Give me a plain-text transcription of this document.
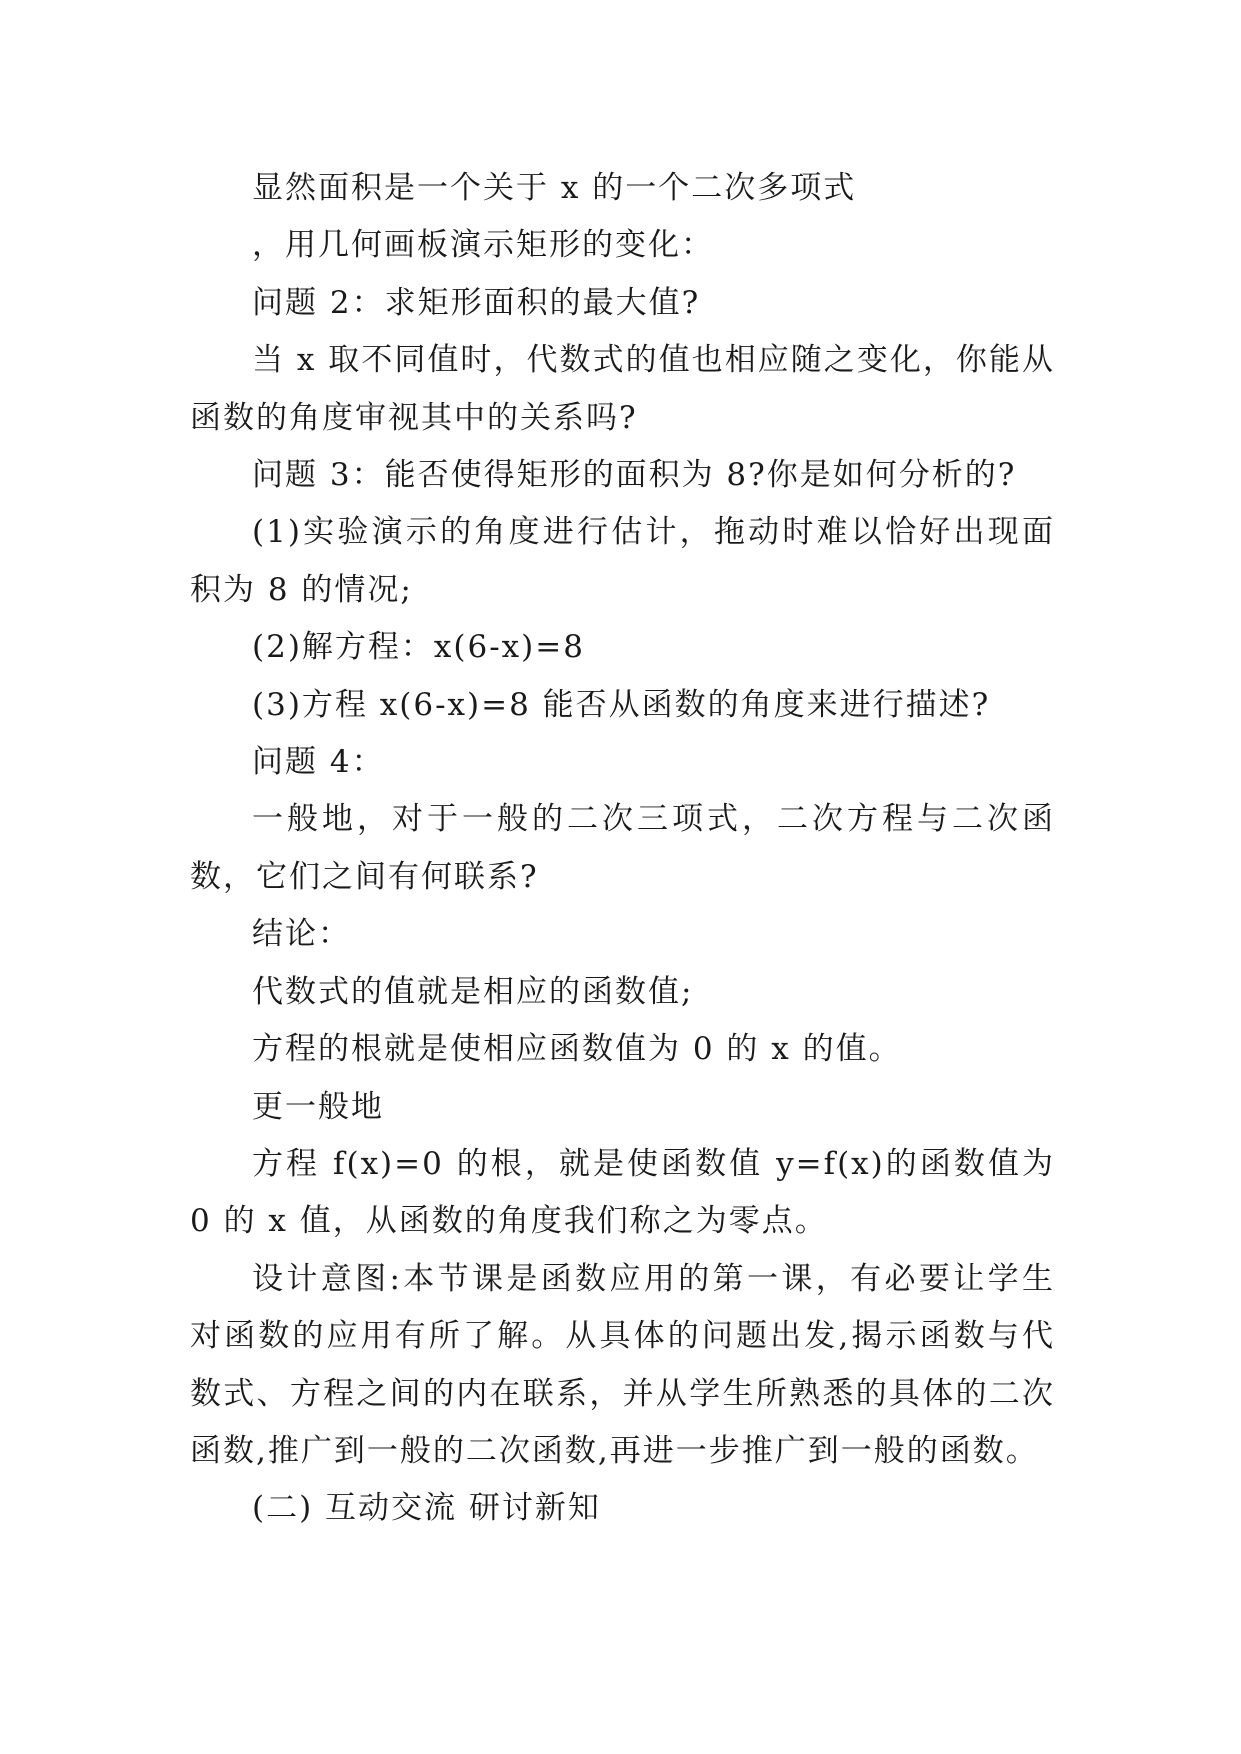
显然面积是一个关于 x 的一个二次多项式

，用几何画板演示矩形的变化：

问题 2：求矩形面积的最大值?

当 x 取不同值时，代数式的值也相应随之变化，你能从函数的角度审视其中的关系吗?

问题 3：能否使得矩形的面积为 8?你是如何分析的?

(1)实验演示的角度进行估计，拖动时难以恰好出现面积为 8 的情况;

(2)解方程：x(6-x)=8

(3)方程 x(6-x)=8 能否从函数的角度来进行描述?

问题 4：

一般地，对于一般的二次三项式，二次方程与二次函数，它们之间有何联系?

结论：

代数式的值就是相应的函数值;

方程的根就是使相应函数值为 0 的 x 的值。

更一般地

方程 f(x)=0 的根，就是使函数值 y=f(x)的函数值为 0 的 x 值，从函数的角度我们称之为零点。

设计意图:本节课是函数应用的第一课，有必要让学生对函数的应用有所了解。从具体的问题出发,揭示函数与代数式、方程之间的内在联系，并从学生所熟悉的具体的二次函数,推广到一般的二次函数,再进一步推广到一般的函数。

(二) 互动交流 研讨新知
